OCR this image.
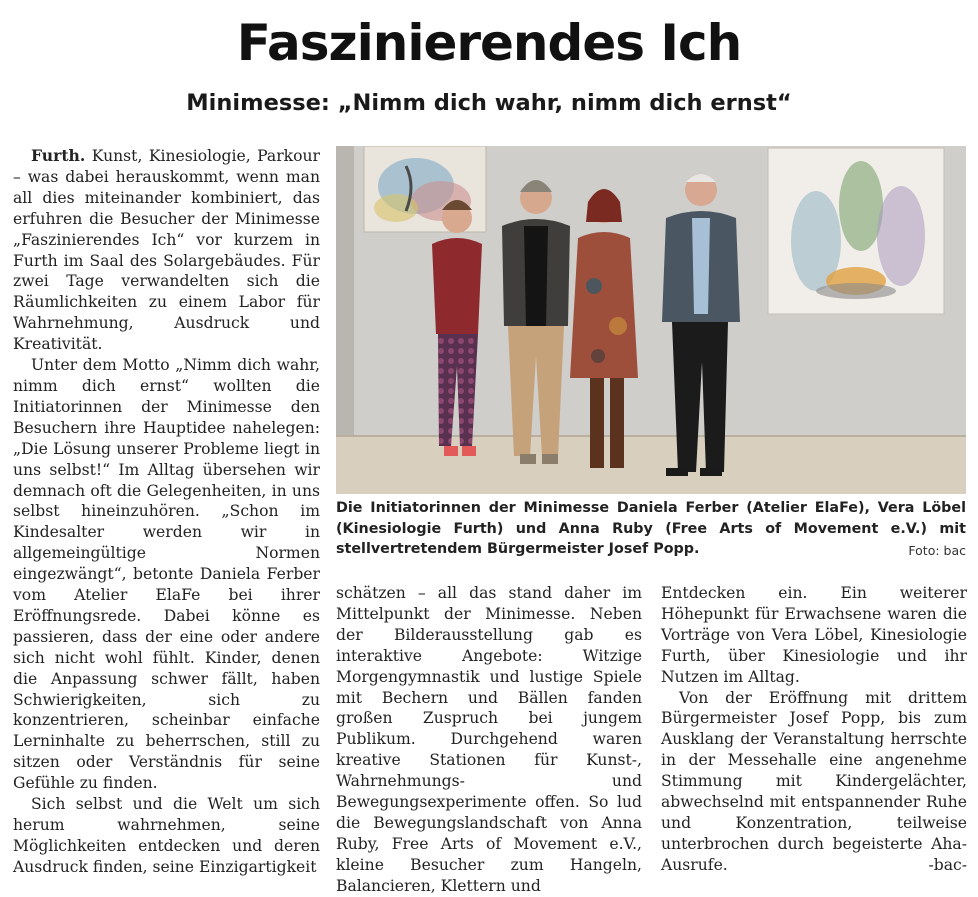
Faszinierendes Ich
Minimesse: „Nimm dich wahr, nimm dich ernst“

Furth. Kunst, Kinesiologie, Parkour – was dabei herauskommt, wenn man all dies miteinander kombiniert, das erfuhren die Besucher der Minimesse „Faszinierendes Ich“ vor kurzem in Furth im Saal des Solargebäudes. Für zwei Tage verwandelten sich die Räumlichkeiten zu einem Labor für Wahrnehmung, Ausdruck und Kreativität.

Unter dem Motto „Nimm dich wahr, nimm dich ernst“ wollten die Initiatorinnen der Minimesse den Besuchern ihre Hauptidee nahelegen: „Die Lösung unserer Probleme liegt in uns selbst!“ Im Alltag übersehen wir demnach oft die Gelegenheiten, in uns selbst hineinzuhören. „Schon im Kindesalter werden wir in allgemeingültige Normen eingezwängt“, betonte Daniela Ferber vom Atelier ElaFe bei ihrer Eröffnungsrede. Dabei könne es passieren, dass der eine oder andere sich nicht wohl fühlt. Kinder, denen die Anpassung schwer fällt, haben Schwierigkeiten, sich zu konzentrieren, scheinbar einfache Lerninhalte zu beherrschen, still zu sitzen oder Verständnis für seine Gefühle zu finden.

Sich selbst und die Welt um sich herum wahrnehmen, seine Möglichkeiten entdecken und deren Ausdruck finden, seine Einzigartigkeit

Die Initiatorinnen der Minimesse Daniela Ferber (Atelier ElaFe), Vera Löbel (Kinesiologie Furth) und Anna Ruby (Free Arts of Movement e.V.) mit stellvertretendem Bürgermeister Josef Popp.	Foto: bac

schätzen – all das stand daher im Mittelpunkt der Minimesse. Neben der Bilderausstellung gab es interaktive Angebote: Witzige Morgengymnastik und lustige Spiele mit Bechern und Bällen fanden großen Zuspruch bei jungem Publikum. Durchgehend waren kreative Stationen für Kunst-, Wahrnehmungs- und Bewegungsexperimente offen. So lud die Bewegungslandschaft von Anna Ruby, Free Arts of Movement e.V., kleine Besucher zum Hangeln, Balancieren, Klettern und

Entdecken ein. Ein weiterer Höhepunkt für Erwachsene waren die Vorträge von Vera Löbel, Kinesiologie Furth, über Kinesiologie und ihr Nutzen im Alltag.

Von der Eröffnung mit drittem Bürgermeister Josef Popp, bis zum Ausklang der Veranstaltung herrschte in der Messehalle eine angenehme Stimmung mit Kindergelächter, abwechselnd mit entspannender Ruhe und Konzentration, teilweise unterbrochen durch begeisterte Aha-Ausrufe.	-bac-
